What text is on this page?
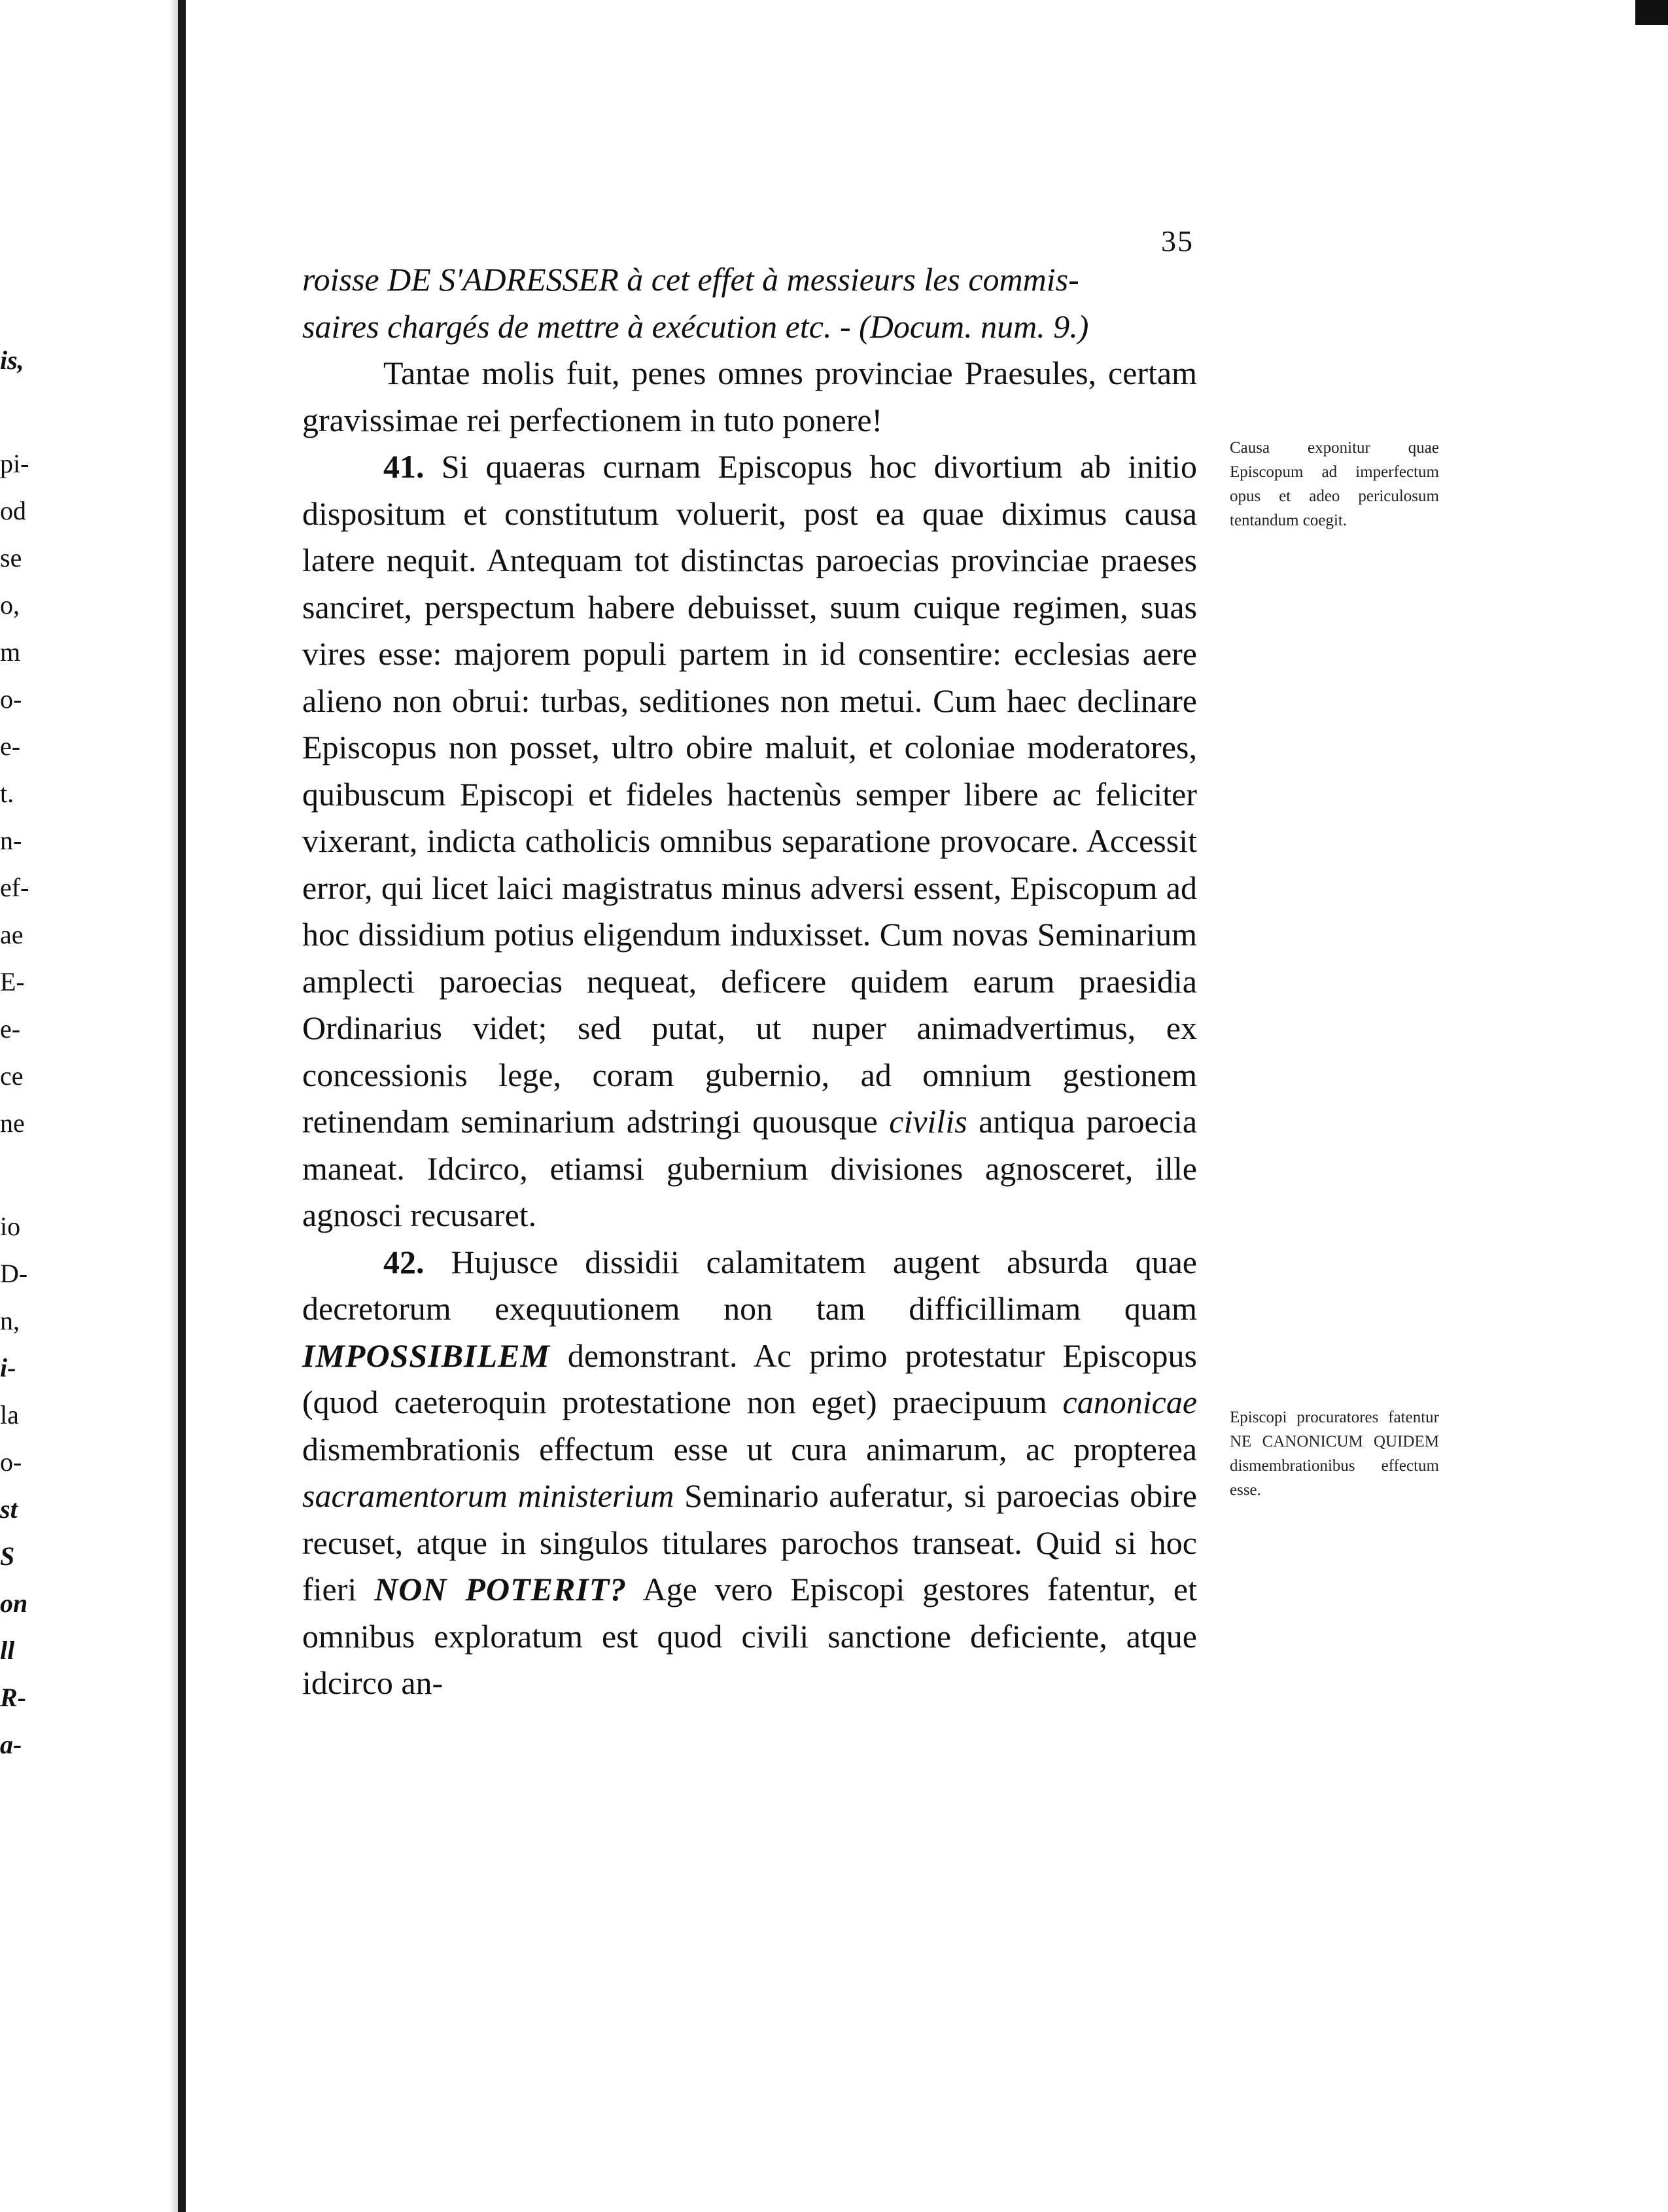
is,
pi-
od
se
o,
m
o-
e-
t.
n-
ef-
ae
E-
e-
ce
ne
io
D-
n,
i-
la
o-
st
S
on
ll
R-
a-
35

roisse DE S'ADRESSER à cet effet à messieurs les commis-
saires chargés de mettre à exécution etc. - (Docum. num. 9.)

Tantae molis fuit, penes omnes provinciae Praesules, certam gravissimae rei perfectionem in tuto ponere!

41. Si quaeras curnam Episcopus hoc divortium ab initio dispositum et constitutum voluerit, post ea quae diximus causa latere nequit. Antequam tot distinctas paroecias provinciae praeses sanciret, perspectum habere debuisset, suum cuique regimen, suas vires esse: majorem populi partem in id consentire: ecclesias aere alieno non obrui: turbas, seditiones non metui. Cum haec declinare Episcopus non posset, ultro obire maluit, et coloniae moderatores, quibuscum Episcopi et fideles hactenùs semper libere ac feliciter vixerant, indicta catholicis omnibus separatione provocare. Accessit error, qui licet laici magistratus minus adversi essent, Episcopum ad hoc dissidium potius eligendum induxisset. Cum novas Seminarium amplecti paroecias nequeat, deficere quidem earum praesidia Ordinarius videt; sed putat, ut nuper animadvertimus, ex concessionis lege, coram gubernio, ad omnium gestionem retinendam seminarium adstringi quousque civilis antiqua paroecia maneat. Idcirco, etiamsi gubernium divisiones agnosceret, ille agnosci recusaret.

42. Hujusce dissidii calamitatem augent absurda quae decretorum exequutionem non tam difficillimam quam IMPOSSIBILEM demonstrant. Ac primo protestatur Episcopus (quod caeteroquin protestatione non eget) praecipuum canonicae dismembrationis effectum esse ut cura animarum, ac propterea sacramentorum ministerium Seminario auferatur, si paroecias obire recuset, atque in singulos titulares parochos transeat. Quid si hoc fieri NON POTERIT? Age vero Episcopi gestores fatentur, et omnibus exploratum est quod civili sanctione deficiente, atque idcirco an-

Causa exponitur quae Episcopum ad imperfectum opus et adeo periculosum tentandum coegit.
Episcopi procuratores fatentur NE CANONICUM QUIDEM dismembrationibus effectum esse.
